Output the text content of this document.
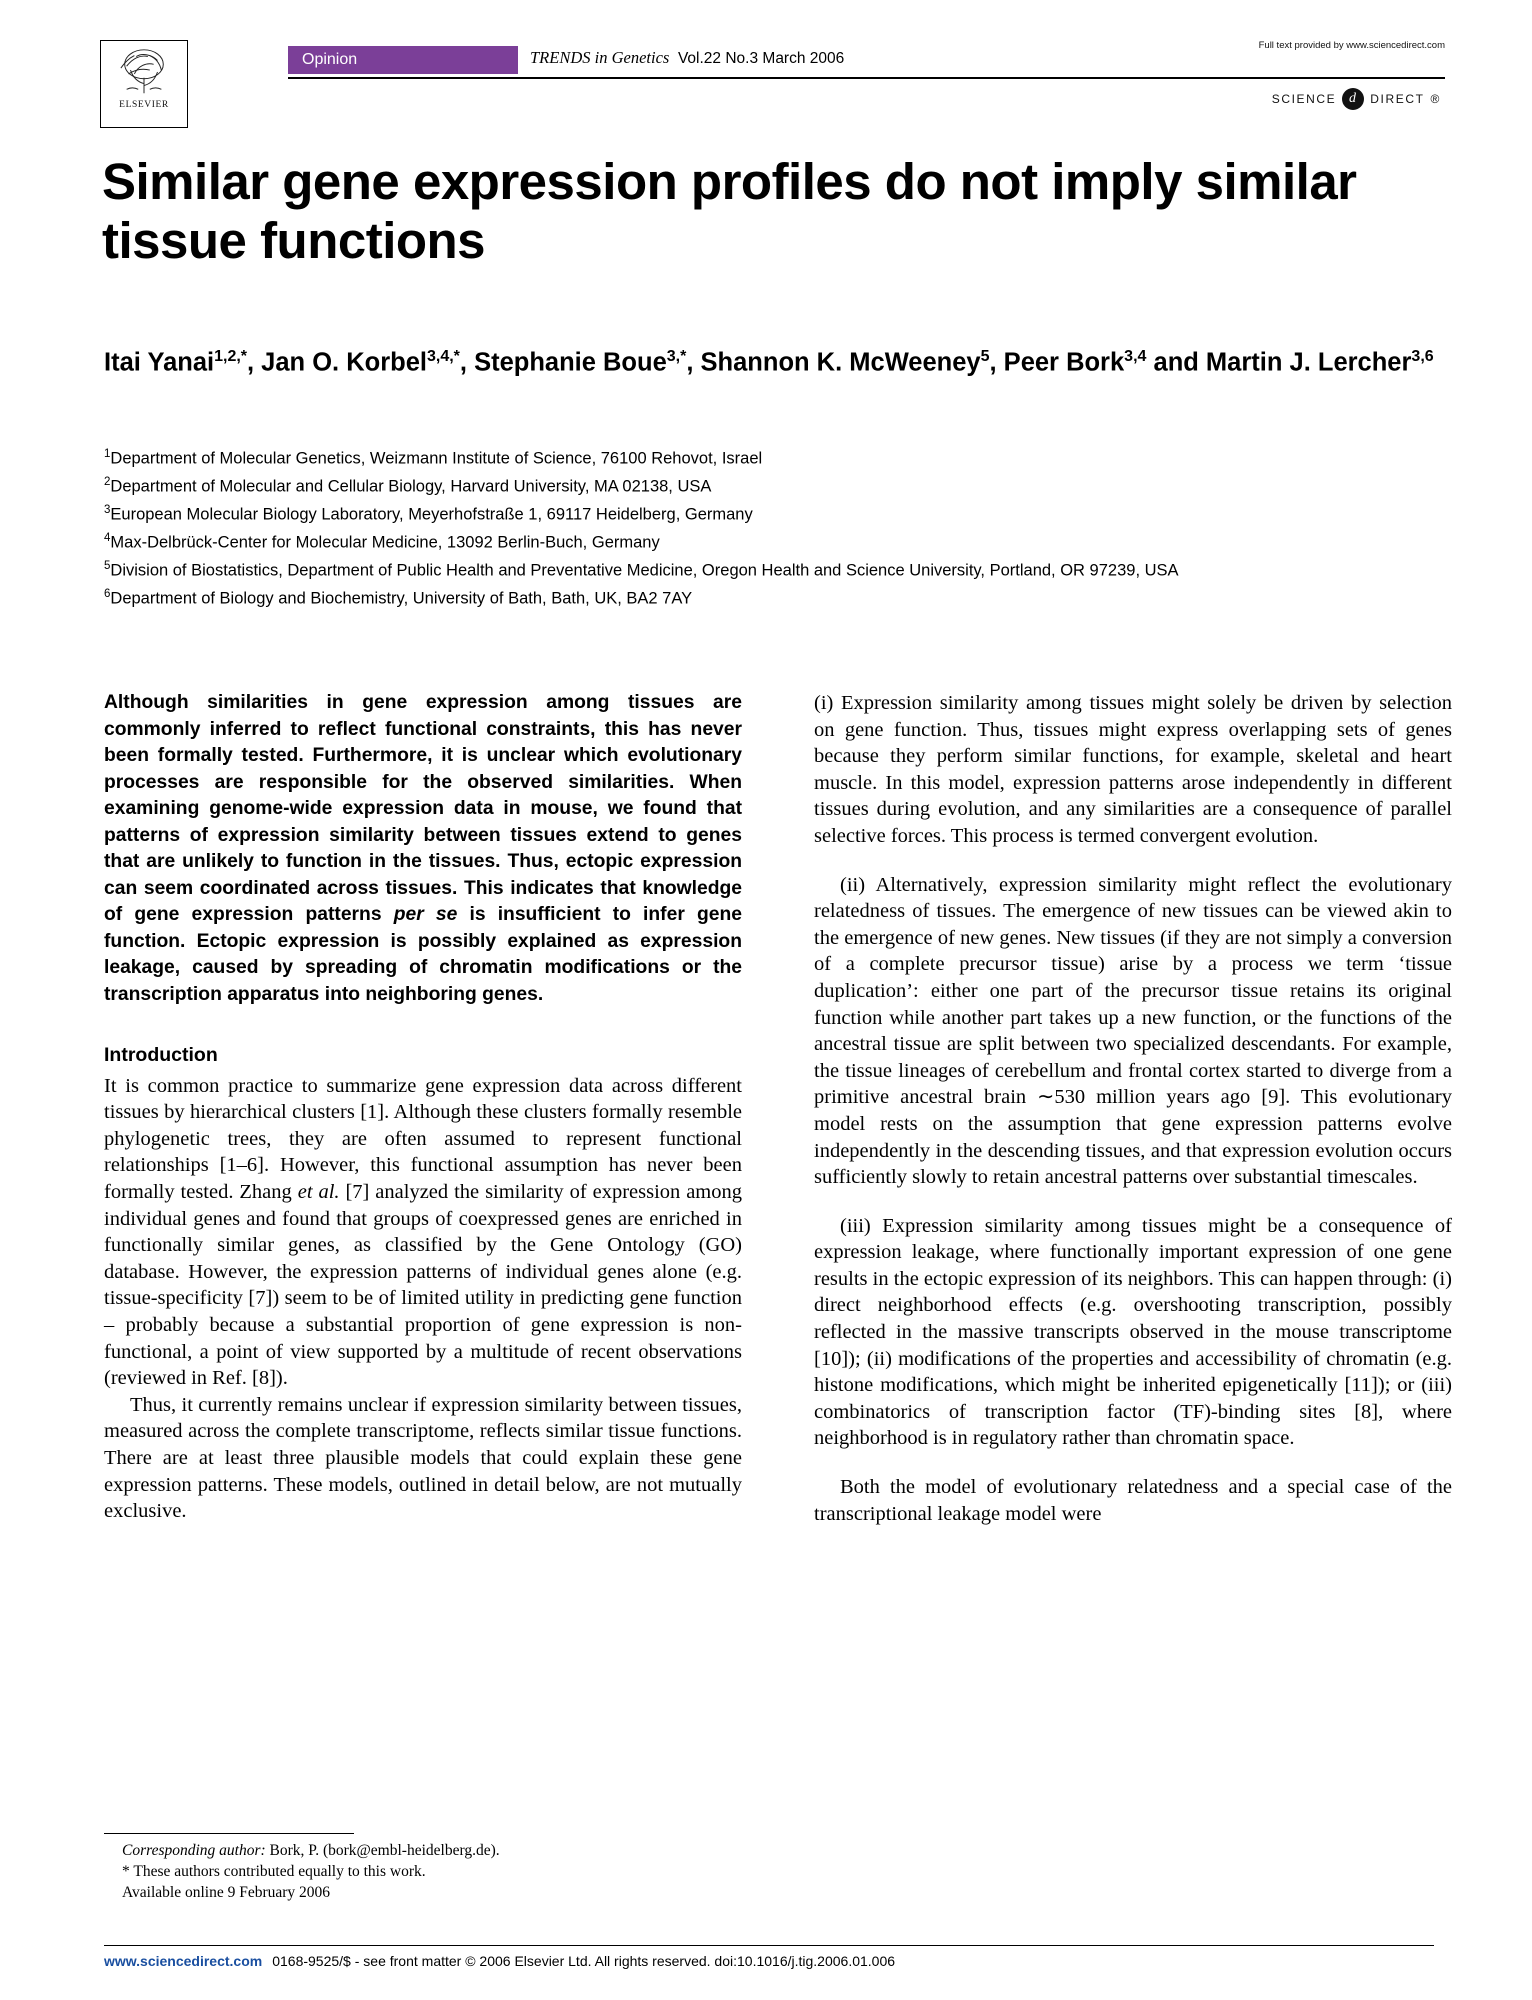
ELSEVIER
Opinion	TRENDS in Genetics Vol.22 No.3 March 2006
Full text provided by www.sciencedirect.com
SCIENCE d	DIRECT ®
Similar gene expression profiles do not imply similar tissue functions
Itai Yanai$^{1,2,*}$, Jan O. Korbel$^{3,4,*}$, Stephanie Boue$^{3,*}$, Shannon K. McWeeney$^5$, Peer Bork$^{3,4}$ and Martin J. Lercher$^{3,6}$
$^1$Department of Molecular Genetics, Weizmann Institute of Science, 76100 Rehovot, Israel
$^2$Department of Molecular and Cellular Biology, Harvard University, MA 02138, USA
$^3$European Molecular Biology Laboratory, Meyerhofstraße 1, 69117 Heidelberg, Germany
$^4$Max-Delbrück-Center for Molecular Medicine, 13092 Berlin-Buch, Germany
$^5$Division of Biostatistics, Department of Public Health and Preventative Medicine, Oregon Health and Science University, Portland, OR 97239, USA
$^6$Department of Biology and Biochemistry, University of Bath, Bath, UK, BA2 7AY
Although similarities in gene expression among tissues are commonly inferred to reflect functional constraints, this has never been formally tested. Furthermore, it is unclear which evolutionary processes are responsible for the observed similarities. When examining genome-wide expression data in mouse, we found that patterns of expression similarity between tissues extend to genes that are unlikely to function in the tissues. Thus, ectopic expression can seem coordinated across tissues. This indicates that knowledge of gene expression patterns per se is insufficient to infer gene function. Ectopic expression is possibly explained as expression leakage, caused by spreading of chromatin modifications or the transcription apparatus into neighboring genes.
Introduction

It is common practice to summarize gene expression data across different tissues by hierarchical clusters [1]. Although these clusters formally resemble phylogenetic trees, they are often assumed to represent functional relationships [1–6]. However, this functional assumption has never been formally tested. Zhang et al. [7] analyzed the similarity of expression among individual genes and found that groups of coexpressed genes are enriched in functionally similar genes, as classified by the Gene Ontology (GO) database. However, the expression patterns of individual genes alone (e.g. tissue-specificity [7]) seem to be of limited utility in predicting gene function – probably because a substantial proportion of gene expression is non-functional, a point of view supported by a multitude of recent observations (reviewed in Ref. [8]).

Thus, it currently remains unclear if expression similarity between tissues, measured across the complete transcriptome, reflects similar tissue functions. There are at least three plausible models that could explain these gene expression patterns. These models, outlined in detail below, are not mutually exclusive.

(i) Expression similarity among tissues might solely be driven by selection on gene function. Thus, tissues might express overlapping sets of genes because they perform similar functions, for example, skeletal and heart muscle. In this model, expression patterns arose independently in different tissues during evolution, and any similarities are a consequence of parallel selective forces. This process is termed convergent evolution.

(ii) Alternatively, expression similarity might reflect the evolutionary relatedness of tissues. The emergence of new tissues can be viewed akin to the emergence of new genes. New tissues (if they are not simply a conversion of a complete precursor tissue) arise by a process we term ‘tissue duplication’: either one part of the precursor tissue retains its original function while another part takes up a new function, or the functions of the ancestral tissue are split between two specialized descendants. For example, the tissue lineages of cerebellum and frontal cortex started to diverge from a primitive ancestral brain ∼530 million years ago [9]. This evolutionary model rests on the assumption that gene expression patterns evolve independently in the descending tissues, and that expression evolution occurs sufficiently slowly to retain ancestral patterns over substantial timescales.

(iii) Expression similarity among tissues might be a consequence of expression leakage, where functionally important expression of one gene results in the ectopic expression of its neighbors. This can happen through: (i) direct neighborhood effects (e.g. overshooting transcription, possibly reflected in the massive transcripts observed in the mouse transcriptome [10]); (ii) modifications of the properties and accessibility of chromatin (e.g. histone modifications, which might be inherited epigenetically [11]); or (iii) combinatorics of transcription factor (TF)-binding sites [8], where neighborhood is in regulatory rather than chromatin space.

Both the model of evolutionary relatedness and a special case of the transcriptional leakage model were

Corresponding author: Bork, P. (bork@embl-heidelberg.de).
* These authors contributed equally to this work.
Available online 9 February 2006
www.sciencedirect.com 0168-9525/$ - see front matter © 2006 Elsevier Ltd. All rights reserved. doi:10.1016/j.tig.2006.01.006
